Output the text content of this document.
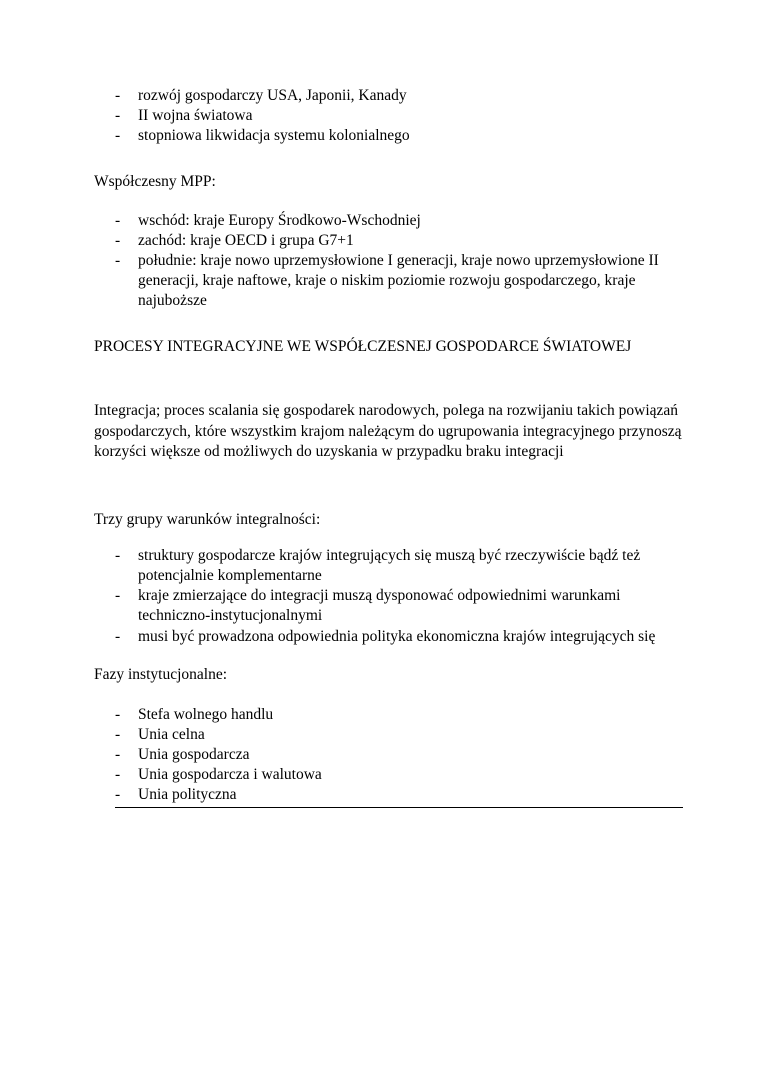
-	rozwój gospodarczy USA, Japonii, Kanady
-	II wojna światowa
-	stopniowa likwidacja systemu kolonialnego

Współczesny MPP:

-	wschód: kraje Europy Środkowo-Wschodniej
-	zachód: kraje OECD i grupa G7+1
-	południe: kraje nowo uprzemysłowione I generacji, kraje nowo uprzemysłowione II generacji, kraje naftowe, kraje o niskim poziomie rozwoju gospodarczego, kraje najuboższe

PROCESY INTEGRACYJNE WE WSPÓŁCZESNEJ GOSPODARCE ŚWIATOWEJ

Integracja; proces scalania się gospodarek narodowych, polega na rozwijaniu takich powiązań gospodarczych, które wszystkim krajom należącym do ugrupowania integracyjnego przynoszą korzyści większe od możliwych do uzyskania w przypadku braku integracji

Trzy grupy warunków integralności:

-	struktury gospodarcze krajów integrujących się muszą być rzeczywiście bądź też potencjalnie komplementarne
-	kraje zmierzające do integracji muszą dysponować odpowiednimi warunkami techniczno-instytucjonalnymi
-	musi być prowadzona odpowiednia polityka ekonomiczna krajów integrujących się

Fazy instytucjonalne:

-	Stefa wolnego handlu
-	Unia celna
-	Unia gospodarcza
-	Unia gospodarcza i walutowa
-	Unia polityczna
